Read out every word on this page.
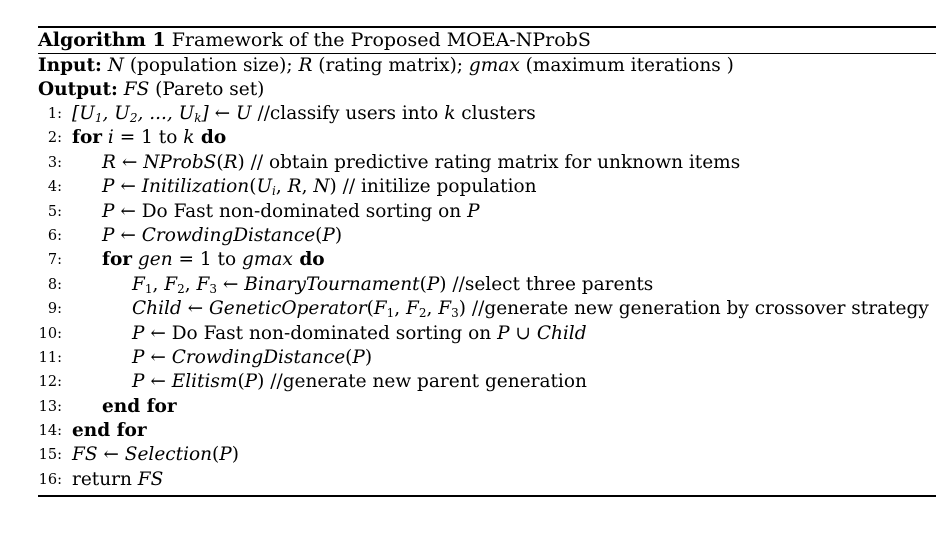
Algorithm 1 Framework of the Proposed MOEA-NProbS
Input: N (population size); R (rating matrix); gmax (maximum iterations )
Output: FS (Pareto set)
1: [$U_1$, $U_2$, ..., $U_k$] ← U //classify users into k clusters
2: for i = 1 to k do
3:	R ← NProbS(R) // obtain predictive rating matrix for unknown items
4:	P ← $Initilization(U_i$, R, N) // initilize population
5:	P ← Do Fast non-dominated sorting on P
6:	P ← CrowdingDistance(P)
7:	for gen = 1 to gmax do
8:	$F_1$, $F_2$, $F_3$ ← BinaryTournament(P) //select three parents
9:	Child ← $GeneticOperator(F_1$, $F_2$, $F_3$) //generate new generation by crossover strategy
10:	P ← Do Fast non-dominated sorting on P ∪ Child
11:	P ← CrowdingDistance(P)
12:	P ← Elitism(P) //generate new parent generation
13:	end for
14: end for
15: FS ← Selection(P)
16: return FS
